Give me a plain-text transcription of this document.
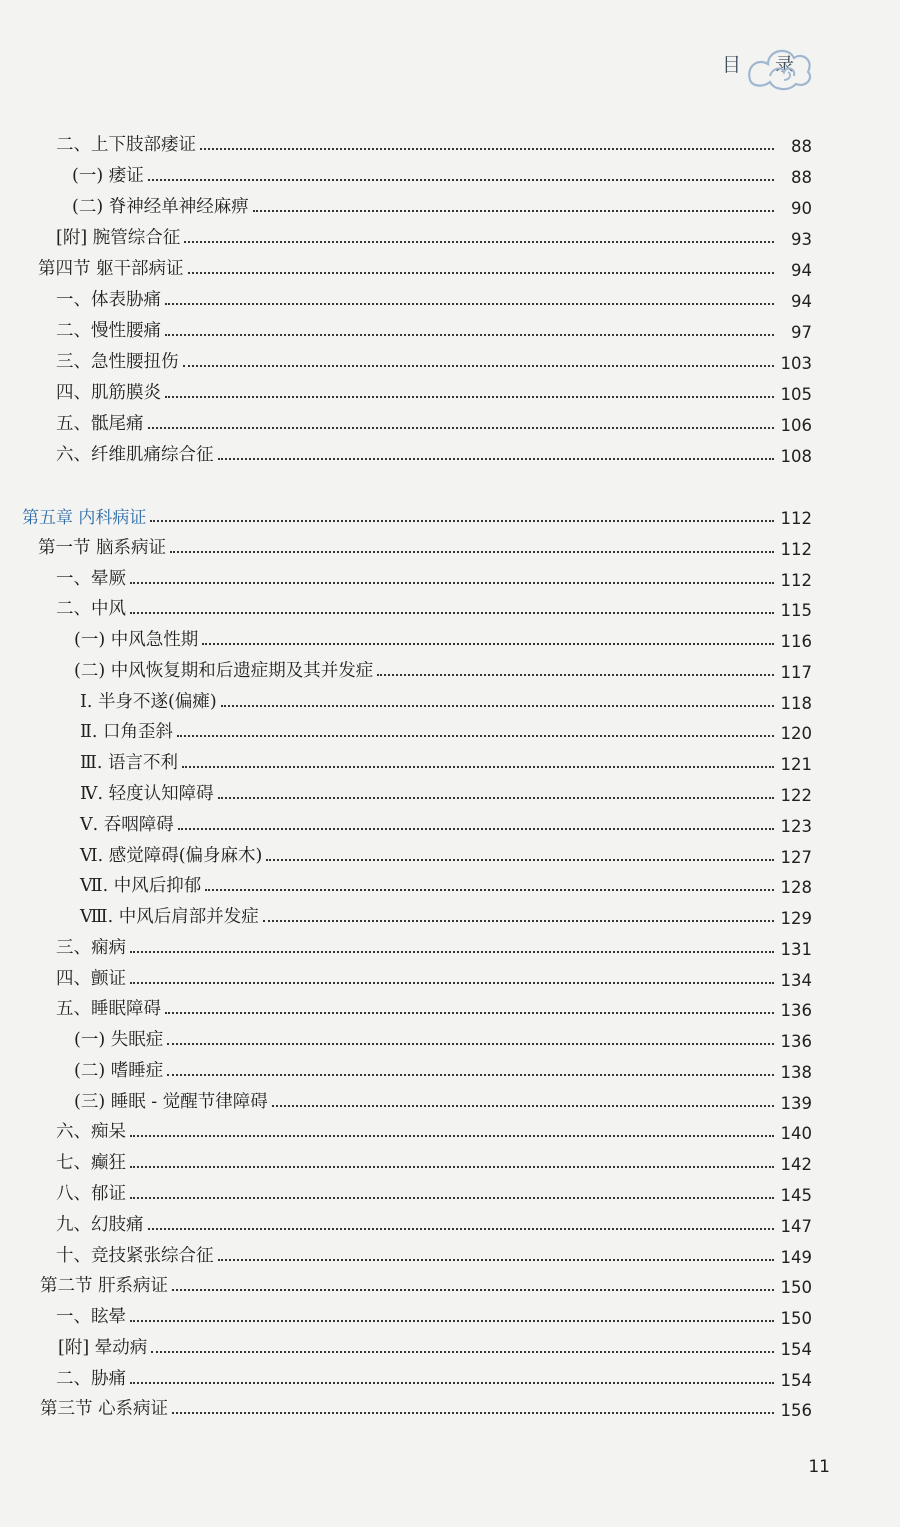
目 录
二、上下肢部痿证	88
(一) 痿证	88
(二) 脊神经单神经麻痹	90
[附] 腕管综合征	93
第四节 躯干部病证	94
一、体表胁痛	94
二、慢性腰痛	97
三、急性腰扭伤	103
四、肌筋膜炎	105
五、骶尾痛	106
六、纤维肌痛综合征	108
第五章 内科病证	112
第一节 脑系病证	112
一、晕厥	112
二、中风	115
(一) 中风急性期	116
(二) 中风恢复期和后遗症期及其并发症	117
Ⅰ. 半身不遂(偏瘫)	118
Ⅱ. 口角歪斜	120
Ⅲ. 语言不利	121
Ⅳ. 轻度认知障碍	122
Ⅴ. 吞咽障碍	123
Ⅵ. 感觉障碍(偏身麻木)	127
Ⅶ. 中风后抑郁	128
Ⅷ. 中风后肩部并发症	129
三、痫病	131
四、颤证	134
五、睡眠障碍	136
(一) 失眠症	136
(二) 嗜睡症	138
(三) 睡眠 - 觉醒节律障碍	139
六、痴呆	140
七、癫狂	142
八、郁证	145
九、幻肢痛	147
十、竞技紧张综合征	149
第二节 肝系病证	150
一、眩晕	150
[附] 晕动病	154
二、胁痛	154
第三节 心系病证	156
11
